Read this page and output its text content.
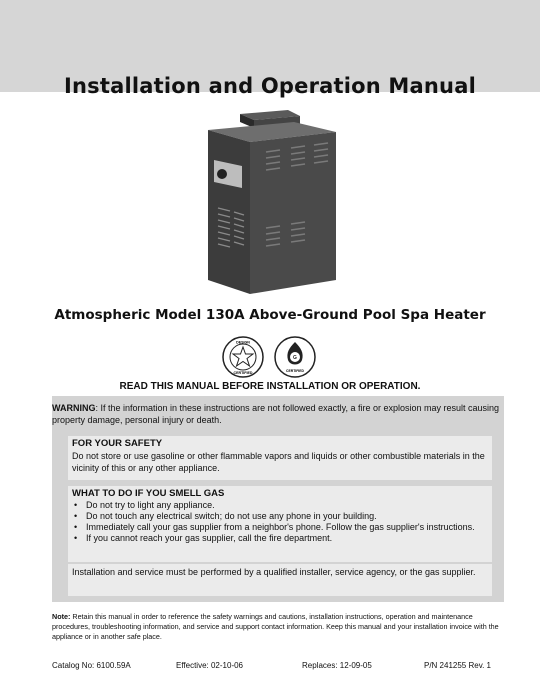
Installation and Operation Manual
Atmospheric Model 130A Above-Ground Pool Spa Heater
DESIGN
CERTIFIED
G
CERTIFIED
READ THIS MANUAL BEFORE INSTALLATION OR OPERATION.
WARNING: If the information in these instructions are not followed exactly, a fire or explosion may result causing property damage, personal injury or death.
FOR YOUR SAFETY
Do not store or use gasoline or other flammable vapors and liquids or other combustible materials in the vicinity of this or any other appliance.
WHAT TO DO IF YOU SMELL GAS
• Do not try to light any appliance.
• Do not touch any electrical switch; do not use any phone in your building.
• Immediately call your gas supplier from a neighbor's phone. Follow the gas supplier's instructions.
• If you cannot reach your gas supplier, call the fire department.
Installation and service must be performed by a qualified installer, service agency, or the gas supplier.
Note: Retain this manual in order to reference the safety warnings and cautions, installation instructions, operation and maintenance procedures, troubleshooting information, and service and support contact information. Keep this manual and your installation invoice with the appliance or in another safe place.
Catalog No: 6100.59A	Effective: 02-10-06	Replaces: 12-09-05	P/N 241255 Rev. 1
